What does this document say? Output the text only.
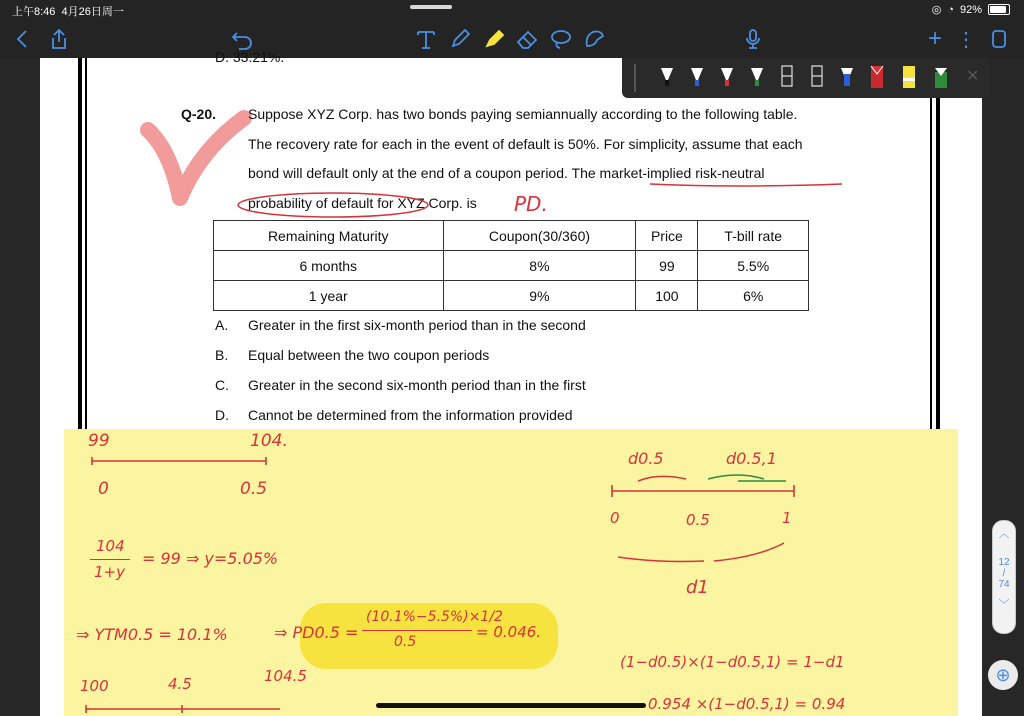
上午8:46 4月26日周一	◎ ◔ 92%
+ ⋮
D. 33.21%.
Q-20. Suppose XYZ Corp. has two bonds paying semiannually according to the following table.
The recovery rate for each in the event of default is 50%. For simplicity, assume that each
bond will default only at the end of a coupon period. The market-implied risk-neutral
probability of default for XYZ Corp. is PD.
Remaining Maturity	Coupon(30/360)	Price	T-bill rate
6 months	8%	99	5.5%
1 year	9%	100	6%
A. Greater in the first six-month period than in the second
B. Equal between the two coupon periods
C. Greater in the second six-month period than in the first
D. Cannot be determined from the information provided
99	104.
0	0.5
104
1+y
= 99 ⇒ y=5.05%
⇒ YTM0.5 = 10.1%	⇒ PD0.5 =
(10.1%−5.5%)×1/2
0.5
= 0.046.
100	4.5	104.5
d0.5	d0.5,1
0	0.5	1
d1
(1−d0.5)×(1−d0.5,1) = 1−d1
0.954 ×(1−d0.5,1) = 0.94
✕
︿
12
/
74
﹀
⊕
